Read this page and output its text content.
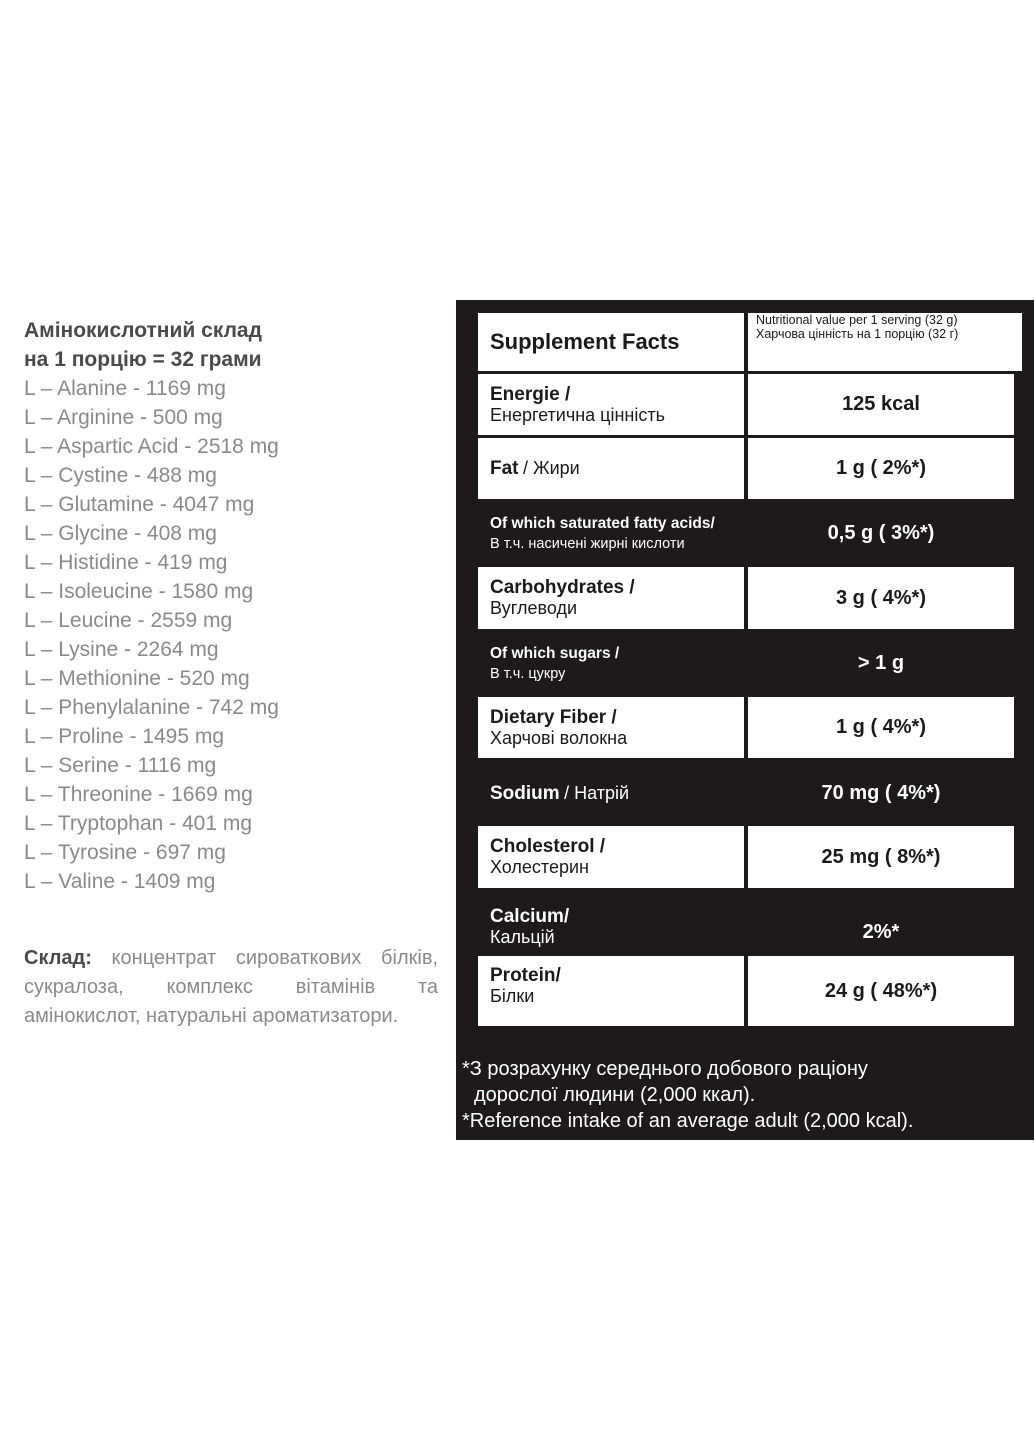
Амінокислотний склад

на 1 порцію = 32 грами

L – Alanine - 1169 mg
L – Arginine - 500 mg
L – Aspartic Acid - 2518 mg
L – Cystine - 488 mg
L – Glutamine - 4047 mg
L – Glycine - 408 mg
L – Histidine - 419 mg
L – Isoleucine - 1580 mg
L – Leucine - 2559 mg
L – Lysine - 2264 mg
L – Methionine - 520 mg
L – Phenylalanine - 742 mg
L – Proline - 1495 mg
L – Serine - 1116 mg
L – Threonine - 1669 mg
L – Tryptophan - 401 mg
L – Tyrosine - 697 mg
L – Valine - 1409 mg
Склад: концентрат сироваткових білків, сукралоза, комплекс вітамінів та амінокислот, натуральні ароматизатори.
Supplement Facts
Nutritional value per 1 serving (32 g)
Харчова цінність на 1 порцію (32 г)
Energie /
Енергетична цінність	125 kcal
Fat / Жири	1 g ( 2%*)
Of which saturated fatty acids/
В т.ч. насичені жирні кислоти	0,5 g ( 3%*)
Carbohydrates /
Вуглеводи	3 g ( 4%*)
Of which sugars /
В т.ч. цукру	> 1 g
Dietary Fiber /
Харчові волокна	1 g ( 4%*)
Sodium / Натрій	70 mg ( 4%*)
Cholesterol /
Холестерин	25 mg ( 8%*)
Calcium/
Кальцій	2%*
Protein/
Білки	24 g ( 48%*)
*З розрахунку середнього добового раціону
дорослої людини (2,000 ккал).
*Reference intake of an average adult (2,000 kcal).
